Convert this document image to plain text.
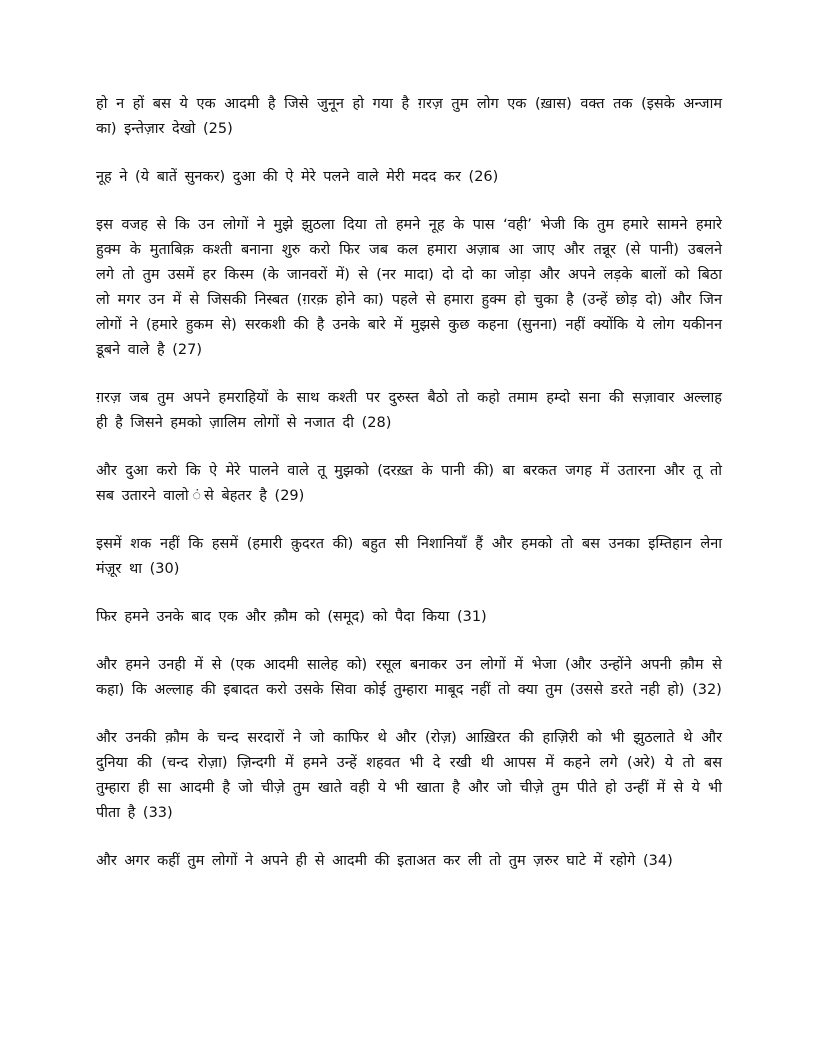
हो न हों बस ये एक आदमी है जिसे जुनून हो गया है ग़रज़ तुम लोग एक (ख़ास) वक्त तक (इसके अन्जाम का) इन्तेज़ार देखो (25)

नूह ने (ये बातें सुनकर) दुआ की ऐ मेरे पलने वाले मेरी मदद कर (26)

इस वजह से कि उन लोगों ने मुझे झुठला दिया तो हमने नूह के पास ‘वही’ भेजी कि तुम हमारे सामने हमारे हुक्म के मुताबिक़ कश्ती बनाना शुरु करो फिर जब कल हमारा अज़ाब आ जाए और तन्नूर (से पानी) उबलने लगे तो तुम उसमें हर किस्म (के जानवरों में) से (नर मादा) दो दो का जोड़ा और अपने लड़के बालों को बिठा लो मगर उन में से जिसकी निस्बत (ग़रक़ होने का) पहले से हमारा हुक्म हो चुका है (उन्हें छोड़ दो) और जिन लोगों ने (हमारे हुकम से) सरकशी की है उनके बारे में मुझसे कुछ कहना (सुनना) नहीं क्योंकि ये लोग यकीनन डूबने वाले है (27)

ग़रज़ जब तुम अपने हमराहियों के साथ कश्ती पर दुरुस्त बैठो तो कहो तमाम हम्दो सना की सज़ावार अल्लाह ही है जिसने हमको ज़ालिम लोगों से नजात दी (28)

और दुआ करो कि ऐ मेरे पालने वाले तू मुझको (दरख़्त के पानी की) बा बरकत जगह में उतारना और तू तो सब उतारने वालो ंसे बेहतर है (29)

इसमें शक नहीं कि हसमें (हमारी क़ुदरत की) बहुत सी निशानियाँ हैं और हमको तो बस उनका इम्तिहान लेना मंज़ूर था (30)

फिर हमने उनके बाद एक और क़ौम को (समूद) को पैदा किया (31)

और हमने उनही में से (एक आदमी सालेह को) रसूल बनाकर उन लोगों में भेजा (और उन्होंने अपनी क़ौम से कहा) कि अल्लाह की इबादत करो उसके सिवा कोई तुम्हारा माबूद नहीं तो क्या तुम (उससे डरते नही हो) (32)

और उनकी क़ौम के चन्द सरदारों ने जो काफिर थे और (रोज़) आख़िरत की हाज़िरी को भी झुठलाते थे और दुनिया की (चन्द रोज़ा) ज़िन्दगी में हमने उन्हें शहवत भी दे रखी थी आपस में कहने लगे (अरे) ये तो बस तुम्हारा ही सा आदमी है जो चीज़े तुम खाते वही ये भी खाता है और जो चीज़े तुम पीते हो उन्हीं में से ये भी पीता है (33)

और अगर कहीं तुम लोगों ने अपने ही से आदमी की इताअत कर ली तो तुम ज़रुर घाटे में रहोगे (34)
